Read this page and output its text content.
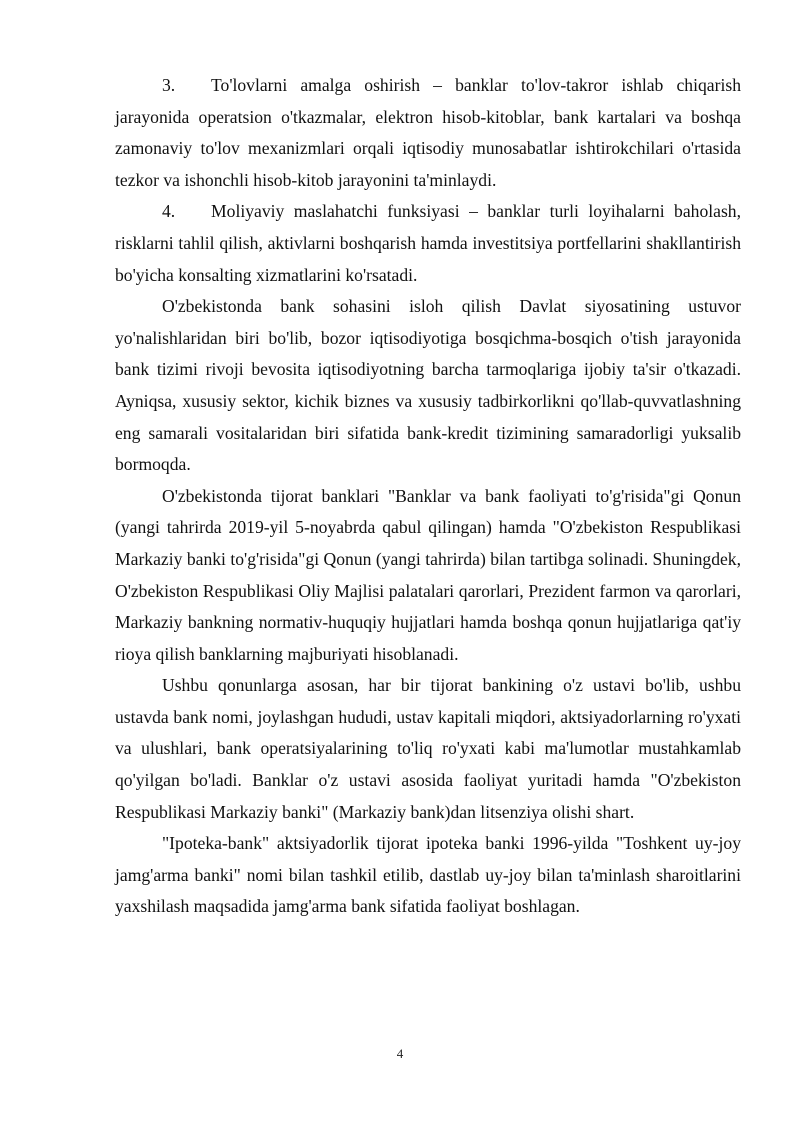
3. To'lovlarni amalga oshirish – banklar to'lov-takror ishlab chiqarish jarayonida operatsion o'tkazmalar, elektron hisob-kitoblar, bank kartalari va boshqa zamonaviy to'lov mexanizmlari orqali iqtisodiy munosabatlar ishtirokchilari o'rtasida tezkor va ishonchli hisob-kitob jarayonini ta'minlaydi.

4. Moliyaviy maslahatchi funksiyasi – banklar turli loyihalarni baholash, risklarni tahlil qilish, aktivlarni boshqarish hamda investitsiya portfellarini shakllantirish bo'yicha konsalting xizmatlarini ko'rsatadi.

O'zbekistonda bank sohasini isloh qilish Davlat siyosatining ustuvor yo'nalishlaridan biri bo'lib, bozor iqtisodiyotiga bosqichma-bosqich o'tish jarayonida bank tizimi rivoji bevosita iqtisodiyotning barcha tarmoqlariga ijobiy ta'sir o'tkazadi. Ayniqsa, xususiy sektor, kichik biznes va xususiy tadbirkorlikni qo'llab-quvvatlashning eng samarali vositalaridan biri sifatida bank-kredit tizimining samaradorligi yuksalib bormoqda.

O'zbekistonda tijorat banklari "Banklar va bank faoliyati to'g'risida"gi Qonun (yangi tahrirda 2019-yil 5-noyabrda qabul qilingan) hamda "O'zbekiston Respublikasi Markaziy banki to'g'risida"gi Qonun (yangi tahrirda) bilan tartibga solinadi. Shuningdek, O'zbekiston Respublikasi Oliy Majlisi palatalari qarorlari, Prezident farmon va qarorlari, Markaziy bankning normativ-huquqiy hujjatlari hamda boshqa qonun hujjatlariga qat'iy rioya qilish banklarning majburiyati hisoblanadi.

Ushbu qonunlarga asosan, har bir tijorat bankining o'z ustavi bo'lib, ushbu ustavda bank nomi, joylashgan hududi, ustav kapitali miqdori, aktsiyadorlarning ro'yxati va ulushlari, bank operatsiyalarining to'liq ro'yxati kabi ma'lumotlar mustahkamlab qo'yilgan bo'ladi. Banklar o'z ustavi asosida faoliyat yuritadi hamda "O'zbekiston Respublikasi Markaziy banki" (Markaziy bank)dan litsenziya olishi shart.

"Ipoteka-bank" aktsiyadorlik tijorat ipoteka banki 1996-yilda "Toshkent uy-joy jamg'arma banki" nomi bilan tashkil etilib, dastlab uy-joy bilan ta'minlash sharoitlarini yaxshilash maqsadida jamg'arma bank sifatida faoliyat boshlagan.

4
